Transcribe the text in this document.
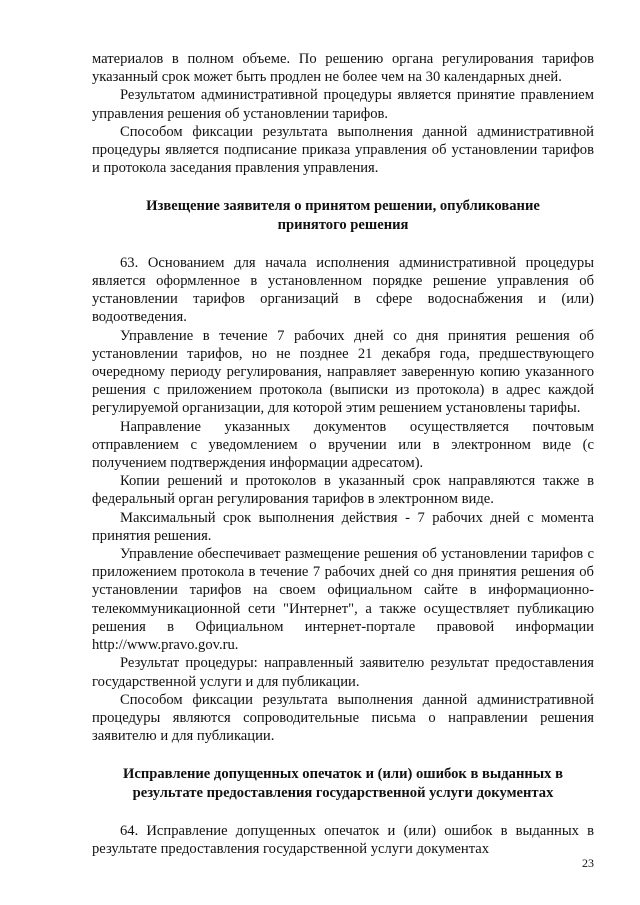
материалов в полном объеме. По решению органа регулирования тарифов указанный срок может быть продлен не более чем на 30 календарных дней.

Результатом административной процедуры является принятие правлением управления решения об установлении тарифов.

Способом фиксации результата выполнения данной административной процедуры является подписание приказа управления об установлении тарифов и протокола заседания правления управления.

Извещение заявителя о принятом решении, опубликование принятого решения

63. Основанием для начала исполнения административной процедуры является оформленное в установленном порядке решение управления об установлении тарифов организаций в сфере водоснабжения и (или) водоотведения.

Управление в течение 7 рабочих дней со дня принятия решения об установлении тарифов, но не позднее 21 декабря года, предшествующего очередному периоду регулирования, направляет заверенную копию указанного решения с приложением протокола (выписки из протокола) в адрес каждой регулируемой организации, для которой этим решением установлены тарифы.

Направление указанных документов осуществляется почтовым отправлением с уведомлением о вручении или в электронном виде (с получением подтверждения информации адресатом).

Копии решений и протоколов в указанный срок направляются также в федеральный орган регулирования тарифов в электронном виде.

Максимальный срок выполнения действия - 7 рабочих дней с момента принятия решения.

Управление обеспечивает размещение решения об установлении тарифов с приложением протокола в течение 7 рабочих дней со дня принятия решения об установлении тарифов на своем официальном сайте в информационно-телекоммуникационной сети "Интернет", а также осуществляет публикацию решения в Официальном интернет-портале правовой информации http://www.pravo.gov.ru.

Результат процедуры: направленный заявителю результат предоставления государственной услуги и для публикации.

Способом фиксации результата выполнения данной административной процедуры являются сопроводительные письма о направлении решения заявителю и для публикации.

Исправление допущенных опечаток и (или) ошибок в выданных в результате предоставления государственной услуги документах

64. Исправление допущенных опечаток и (или) ошибок в выданных в результате предоставления государственной услуги документах

23
